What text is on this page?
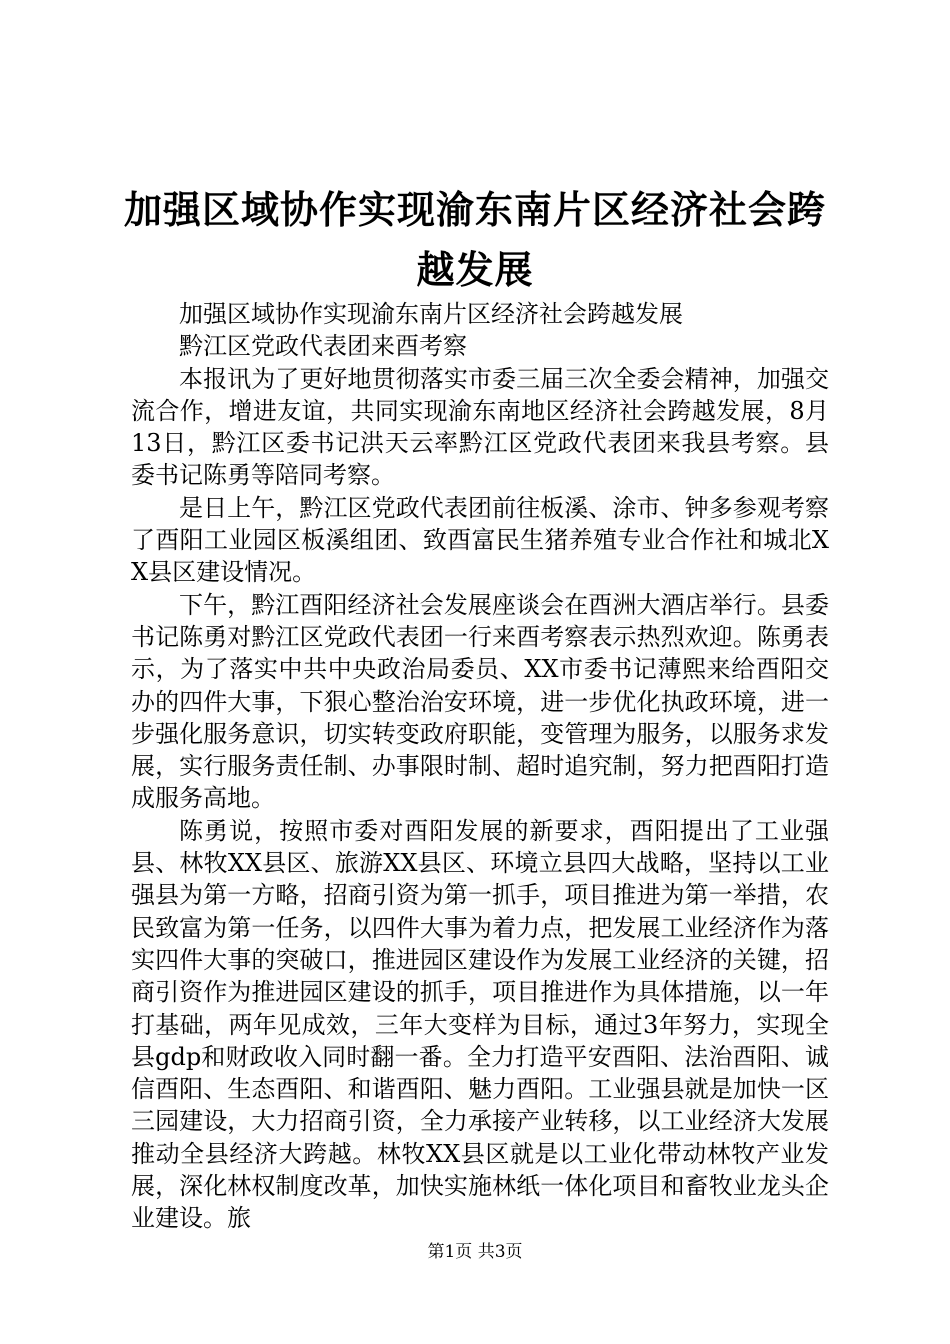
加强区域协作实现渝东南片区经济社会跨越发展

加强区域协作实现渝东南片区经济社会跨越发展

黔江区党政代表团来酉考察

本报讯为了更好地贯彻落实市委三届三次全委会精神，加强交流合作，增进友谊，共同实现渝东南地区经济社会跨越发展，8月13日，黔江区委书记洪天云率黔江区党政代表团来我县考察。县委书记陈勇等陪同考察。

是日上午，黔江区党政代表团前往板溪、涂市、钟多参观考察了酉阳工业园区板溪组团、致酉富民生猪养殖专业合作社和城北XX县区建设情况。

下午，黔江酉阳经济社会发展座谈会在酉洲大酒店举行。县委书记陈勇对黔江区党政代表团一行来酉考察表示热烈欢迎。陈勇表示，为了落实中共中央政治局委员、XX市委书记薄熙来给酉阳交办的四件大事，下狠心整治治安环境，进一步优化执政环境，进一步强化服务意识，切实转变政府职能，变管理为服务，以服务求发展，实行服务责任制、办事限时制、超时追究制，努力把酉阳打造成服务高地。

陈勇说，按照市委对酉阳发展的新要求，酉阳提出了工业强县、林牧XX县区、旅游XX县区、环境立县四大战略，坚持以工业强县为第一方略，招商引资为第一抓手，项目推进为第一举措，农民致富为第一任务，以四件大事为着力点，把发展工业经济作为落实四件大事的突破口，推进园区建设作为发展工业经济的关键，招商引资作为推进园区建设的抓手，项目推进作为具体措施，以一年打基础，两年见成效，三年大变样为目标，通过3年努力，实现全县gdp和财政收入同时翻一番。全力打造平安酉阳、法治酉阳、诚信酉阳、生态酉阳、和谐酉阳、魅力酉阳。工业强县就是加快一区三园建设，大力招商引资，全力承接产业转移，以工业经济大发展推动全县经济大跨越。林牧XX县区就是以工业化带动林牧产业发展，深化林权制度改革，加快实施林纸一体化项目和畜牧业龙头企业建设。旅

第1页 共3页
